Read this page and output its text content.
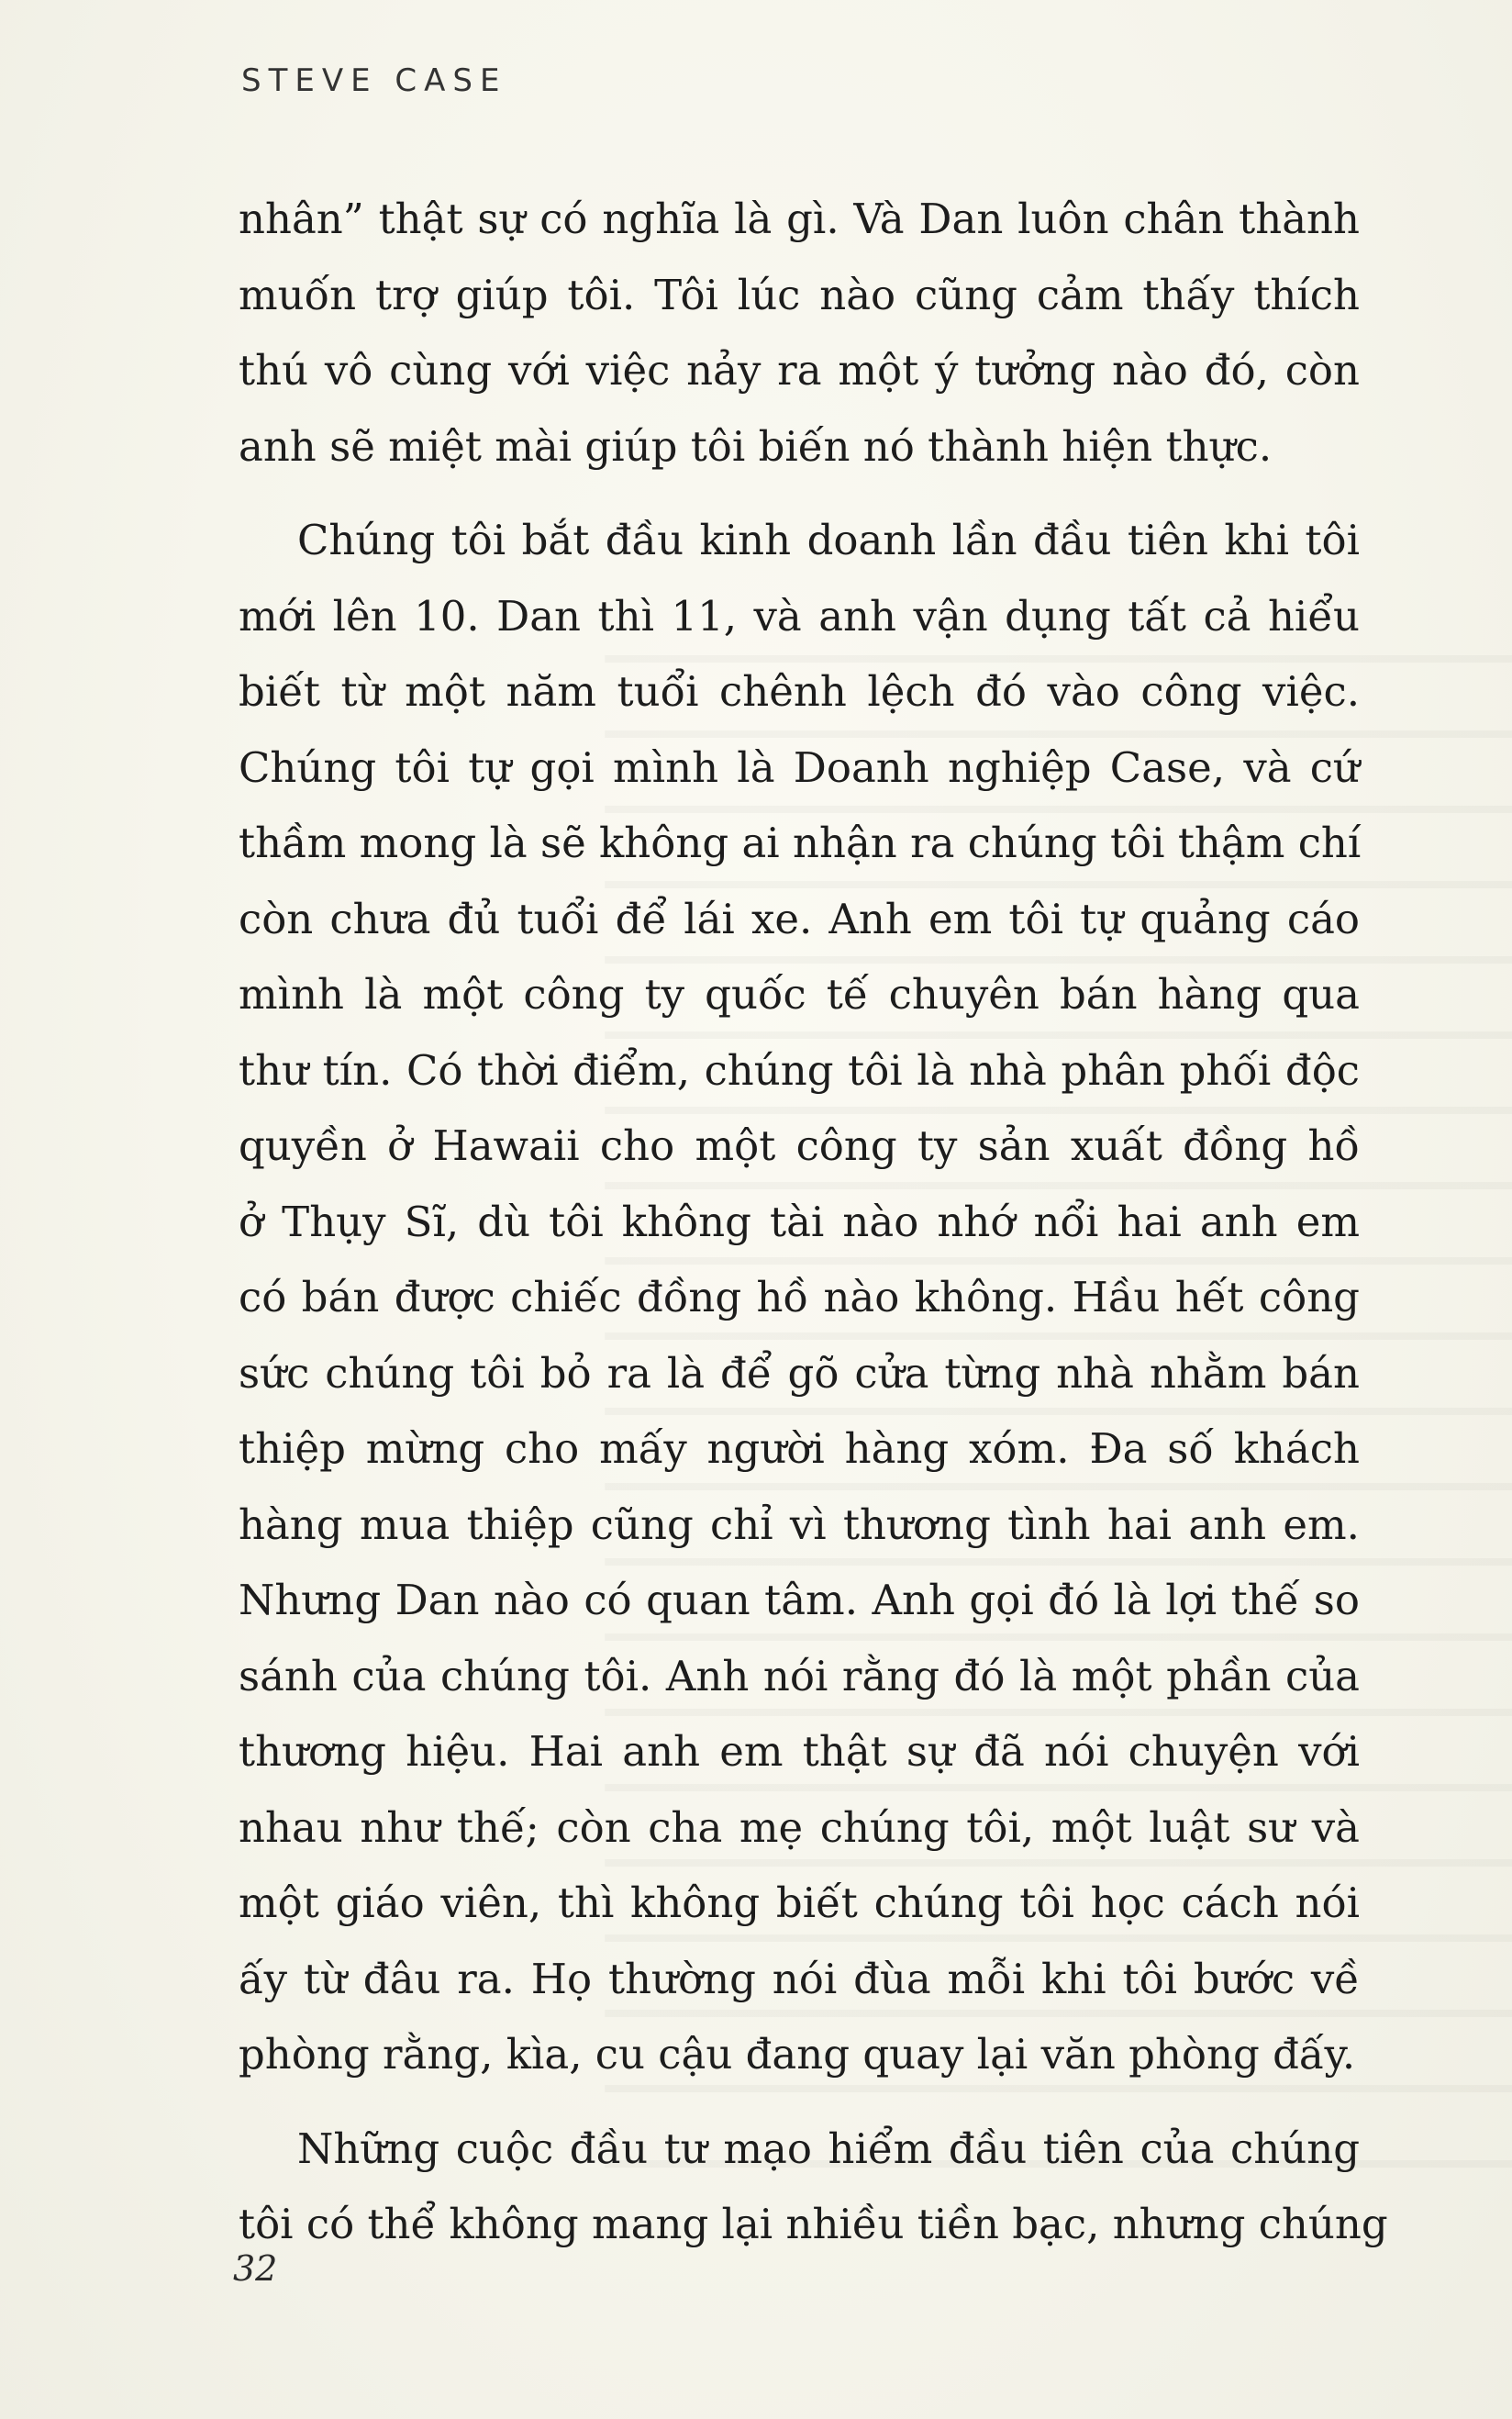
STEVE CASE
nhân” thật sự có nghĩa là gì. Và Dan luôn chân thành
muốn trợ giúp tôi. Tôi lúc nào cũng cảm thấy thích
thú vô cùng với việc nảy ra một ý tưởng nào đó, còn
anh sẽ miệt mài giúp tôi biến nó thành hiện thực.
Chúng tôi bắt đầu kinh doanh lần đầu tiên khi tôi
mới lên 10. Dan thì 11, và anh vận dụng tất cả hiểu
biết từ một năm tuổi chênh lệch đó vào công việc.
Chúng tôi tự gọi mình là Doanh nghiệp Case, và cứ
thầm mong là sẽ không ai nhận ra chúng tôi thậm chí
còn chưa đủ tuổi để lái xe. Anh em tôi tự quảng cáo
mình là một công ty quốc tế chuyên bán hàng qua
thư tín. Có thời điểm, chúng tôi là nhà phân phối độc
quyền ở Hawaii cho một công ty sản xuất đồng hồ
ở Thụy Sĩ, dù tôi không tài nào nhớ nổi hai anh em
có bán được chiếc đồng hồ nào không. Hầu hết công
sức chúng tôi bỏ ra là để gõ cửa từng nhà nhằm bán
thiệp mừng cho mấy người hàng xóm. Đa số khách
hàng mua thiệp cũng chỉ vì thương tình hai anh em.
Nhưng Dan nào có quan tâm. Anh gọi đó là lợi thế so
sánh của chúng tôi. Anh nói rằng đó là một phần của
thương hiệu. Hai anh em thật sự đã nói chuyện với
nhau như thế; còn cha mẹ chúng tôi, một luật sư và
một giáo viên, thì không biết chúng tôi học cách nói
ấy từ đâu ra. Họ thường nói đùa mỗi khi tôi bước về
phòng rằng, kìa, cu cậu đang quay lại văn phòng đấy.
Những cuộc đầu tư mạo hiểm đầu tiên của chúng
tôi có thể không mang lại nhiều tiền bạc, nhưng chúng
32
